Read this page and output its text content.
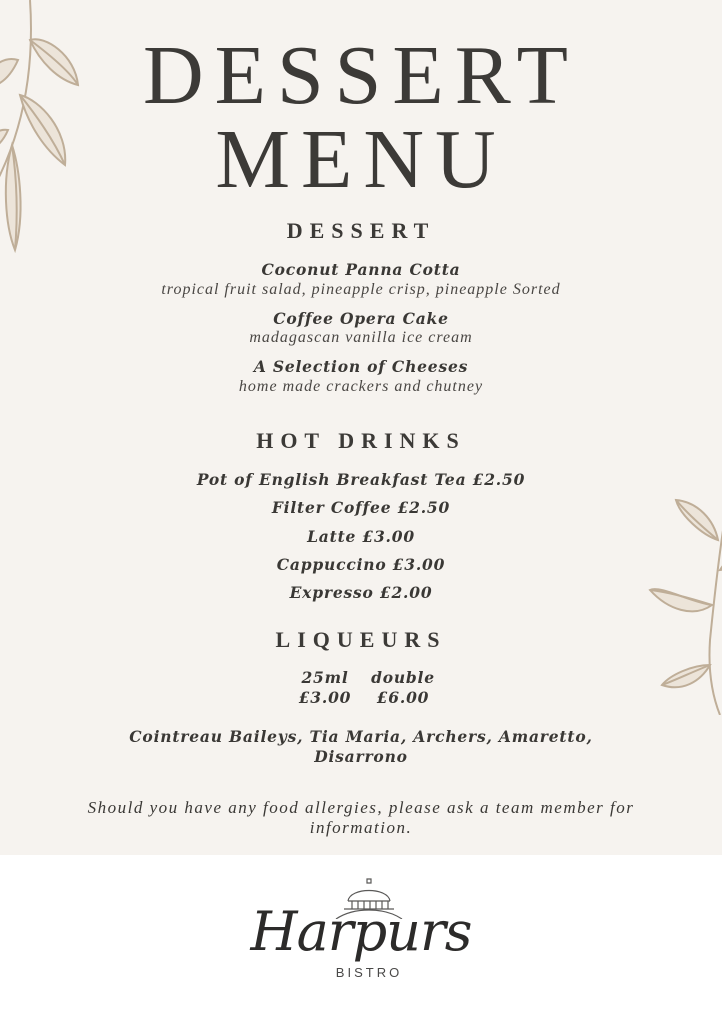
DESSERT
MENU
DESSERT

Coconut Panna Cotta

tropical fruit salad, pineapple crisp, pineapple Sorted

Coffee Opera Cake

madagascan vanilla ice cream

A Selection of Cheeses

home made crackers and chutney

HOT DRINKS

Pot of English Breakfast Tea £2.50

Filter Coffee £2.50

Latte £3.00

Cappuccino £3.00

Expresso £2.00

LIQUEURS
25ml
£3.00
double
£6.00

Cointreau Baileys, Tia Maria, Archers, Amaretto, Disarrono

Should you have any food allergies, please ask a team member for information.

Harpurs
BISTRO
